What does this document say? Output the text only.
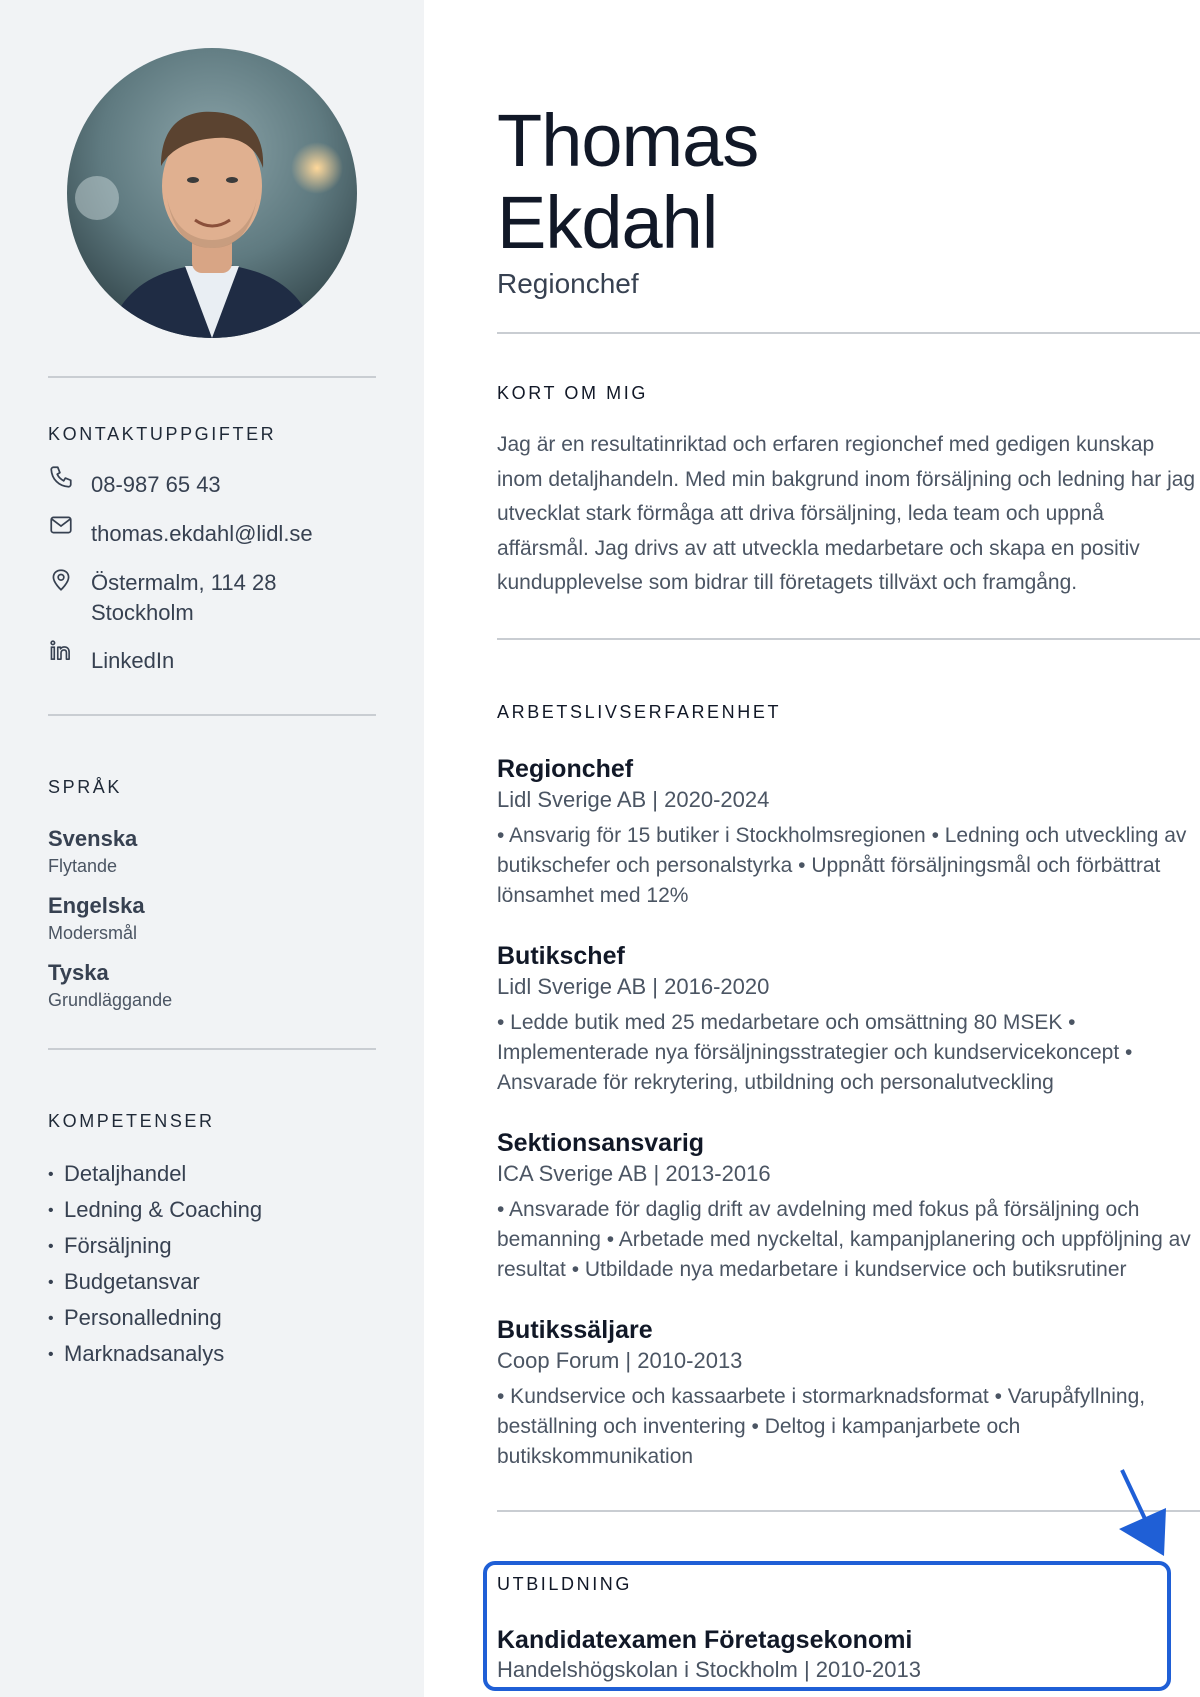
KONTAKTUPPGIFTER
08-987 65 43
thomas.ekdahl@lidl.se
Östermalm, 114 28
Stockholm
LinkedIn
SPRÅK
Svenska
Flytande
Engelska
Modersmål
Tyska
Grundläggande
KOMPETENSER
• Detaljhandel
• Ledning & Coaching
• Försäljning
• Budgetansvar
• Personalledning
• Marknadsanalys
Thomas
Ekdahl
Regionchef
KORT OM MIG
Jag är en resultatinriktad och erfaren regionchef med gedigen kunskap inom detaljhandeln. Med min bakgrund inom försäljning och ledning har jag utvecklat stark förmåga att driva försäljning, leda team och uppnå affärsmål. Jag drivs av att utveckla medarbetare och skapa en positiv kundupplevelse som bidrar till företagets tillväxt och framgång.
ARBETSLIVSERFARENHET
Regionchef
Lidl Sverige AB | 2020-2024
• Ansvarig för 15 butiker i Stockholmsregionen • Ledning och utveckling av butikschefer och personalstyrka • Uppnått försäljningsmål och förbättrat lönsamhet med 12%
Butikschef
Lidl Sverige AB | 2016-2020
• Ledde butik med 25 medarbetare och omsättning 80 MSEK • Implementerade nya försäljningsstrategier och kundservicekoncept • Ansvarade för rekrytering, utbildning och personalutveckling
Sektionsansvarig
ICA Sverige AB | 2013-2016
• Ansvarade för daglig drift av avdelning med fokus på försäljning och bemanning • Arbetade med nyckeltal, kampanjplanering och uppföljning av resultat • Utbildade nya medarbetare i kundservice och butiksrutiner
Butikssäljare
Coop Forum | 2010-2013
• Kundservice och kassaarbete i stormarknadsformat • Varupåfyllning, beställning och inventering • Deltog i kampanjarbete och butikskommunikation
UTBILDNING
Kandidatexamen Företagsekonomi
Handelshögskolan i Stockholm | 2010-2013
